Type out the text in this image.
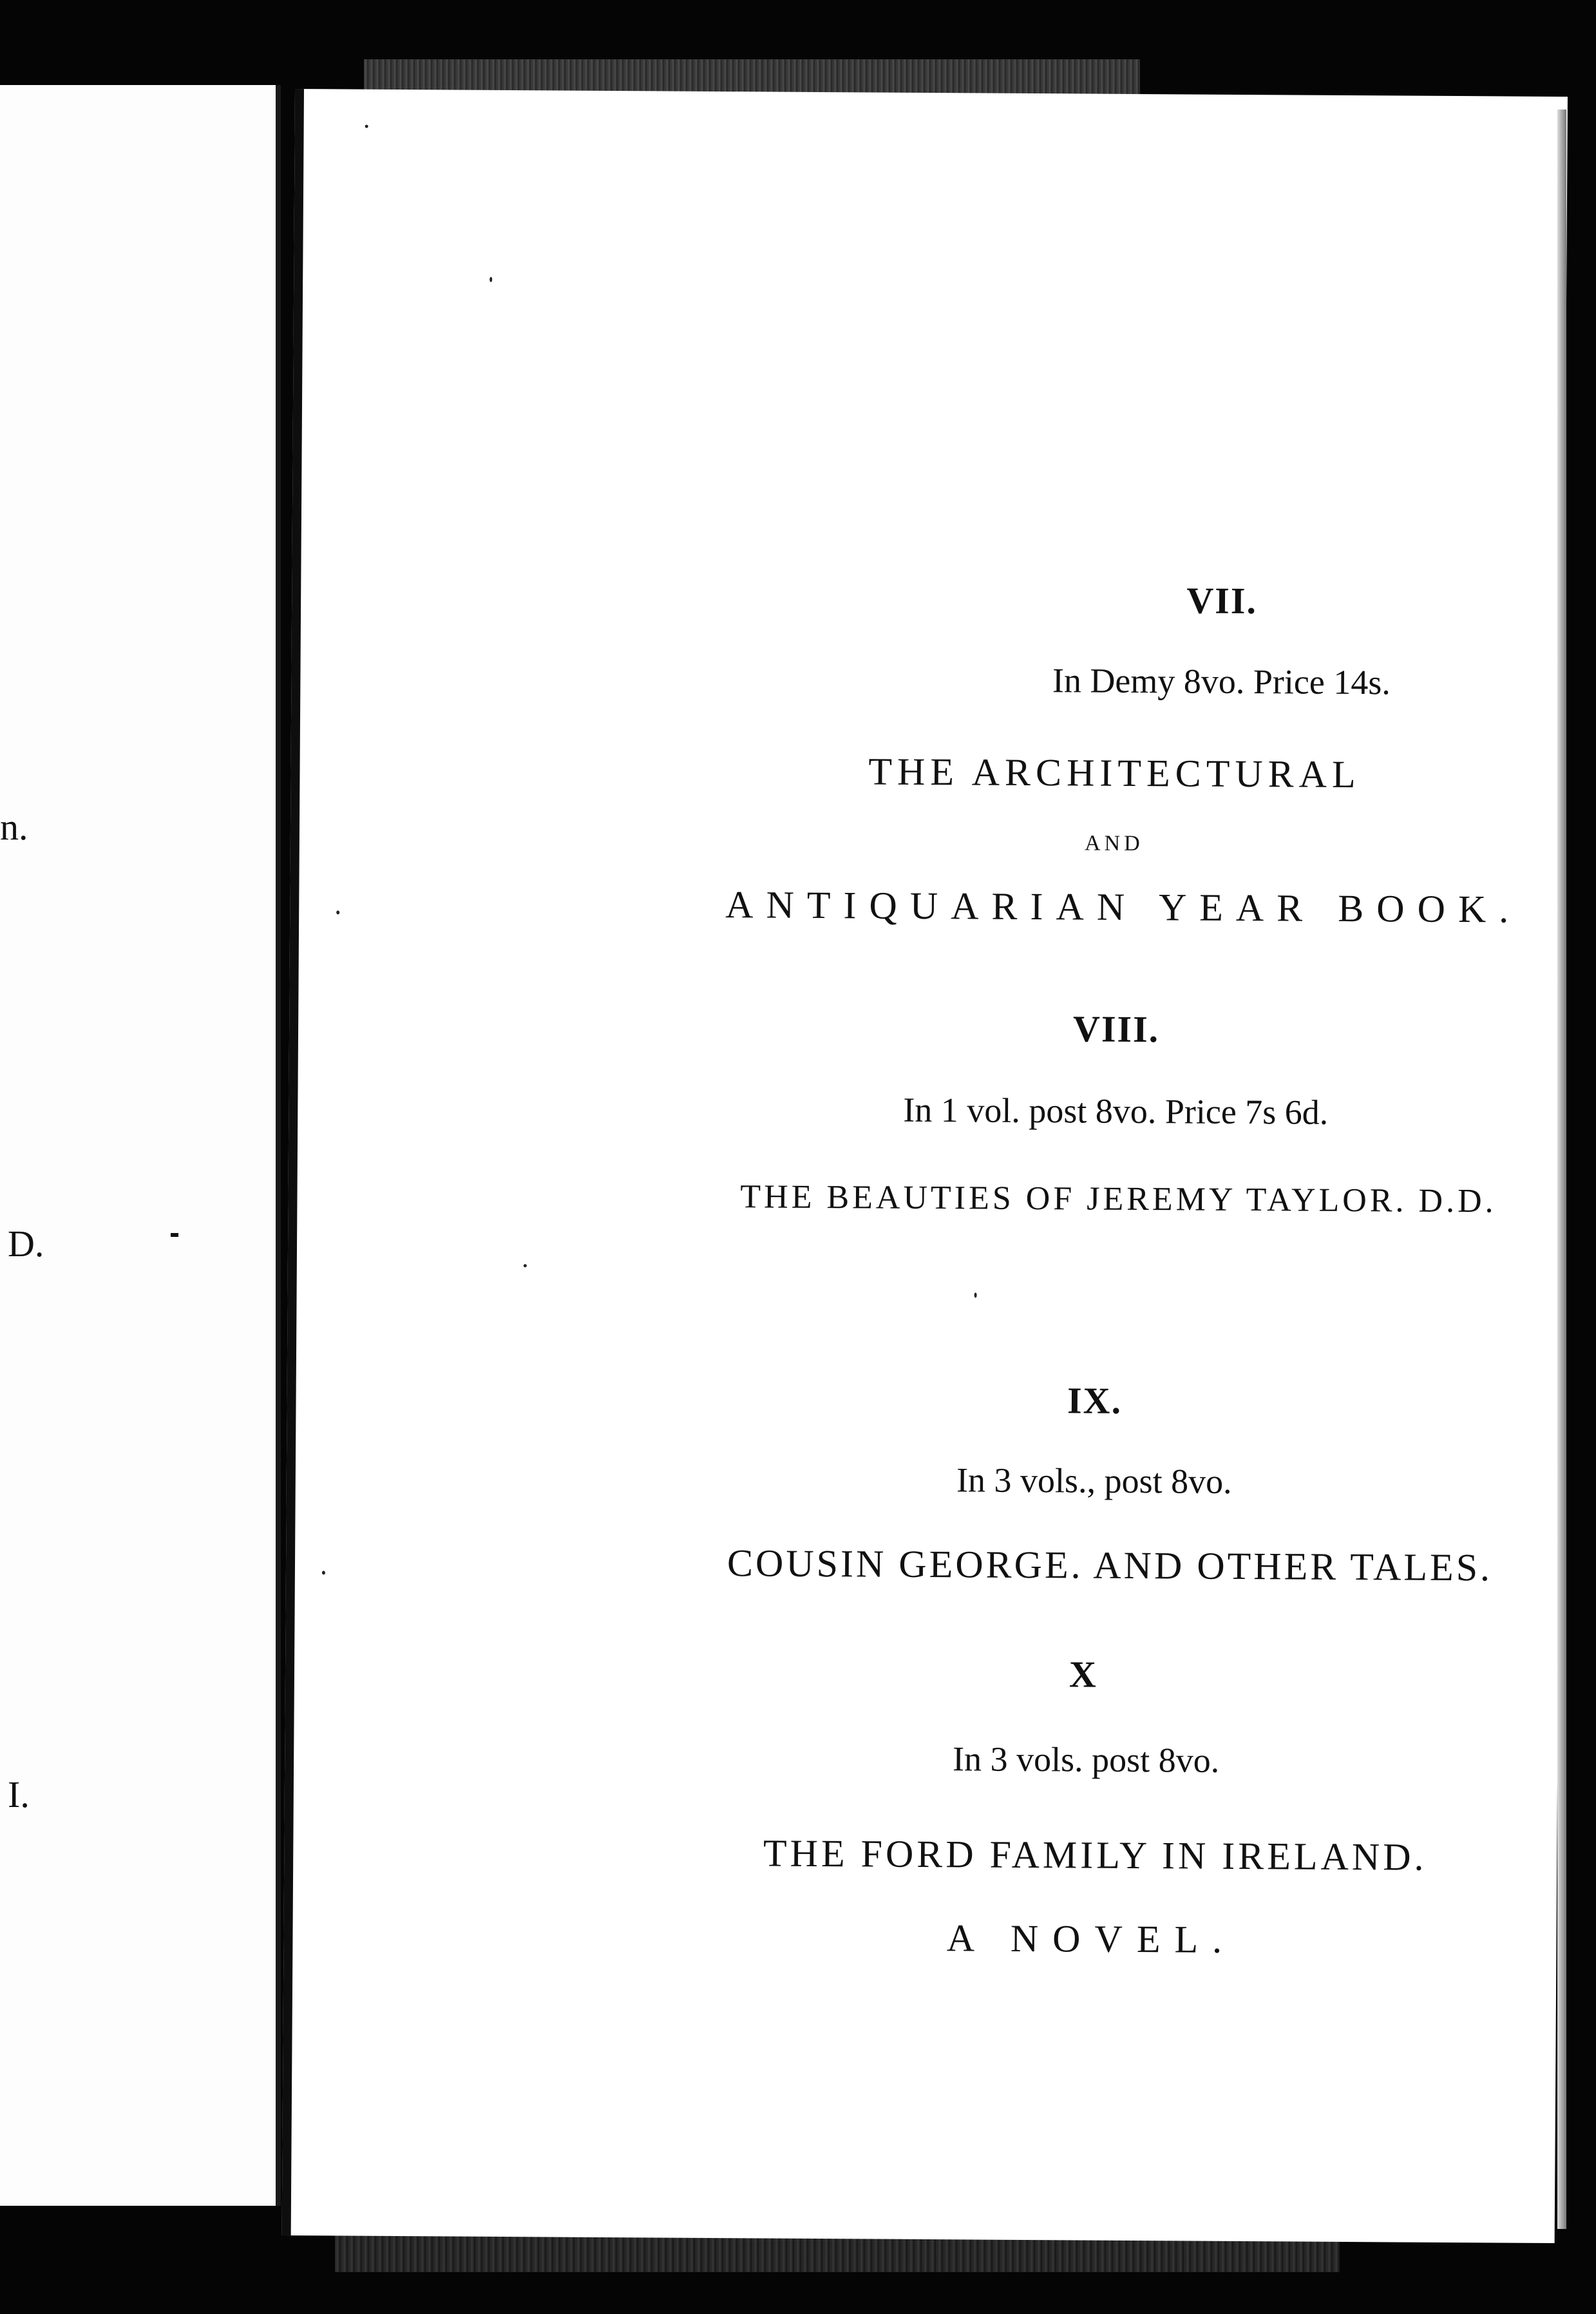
n.
D.
I.
VII.
In Demy 8vo. Price 14s.
THE ARCHITECTURAL
AND
ANTIQUARIAN YEAR BOOK.
VIII.
In 1 vol. post 8vo. Price 7s 6d.
THE BEAUTIES OF JEREMY TAYLOR. D.D.
IX.
In 3 vols., post 8vo.
COUSIN GEORGE. AND OTHER TALES.
X
In 3 vols. post 8vo.
THE FORD FAMILY IN IRELAND.
A NOVEL.
